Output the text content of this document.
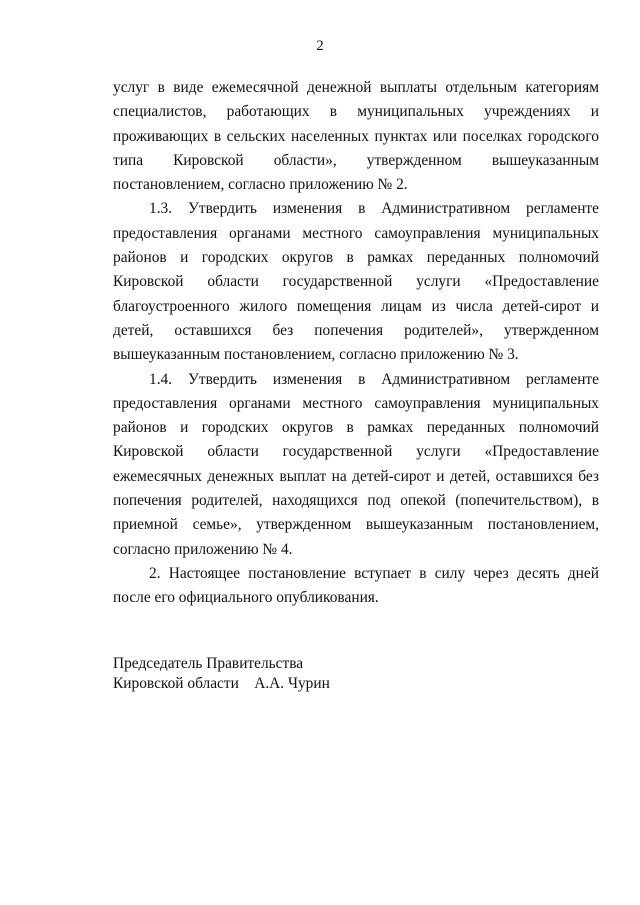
2

услуг в виде ежемесячной денежной выплаты отдельным категориям специалистов, работающих в муниципальных учреждениях и проживающих в сельских населенных пунктах или поселках городского типа Кировской области», утвержденном вышеуказанным постановлением, согласно приложению № 2.

1.3. Утвердить изменения в Административном регламенте предоставления органами местного самоуправления муниципальных районов и городских округов в рамках переданных полномочий Кировской области государственной услуги «Предоставление благоустроенного жилого помещения лицам из числа детей-сирот и детей, оставшихся без попечения родителей», утвержденном вышеуказанным постановлением, согласно приложению № 3.

1.4. Утвердить изменения в Административном регламенте предоставления органами местного самоуправления муниципальных районов и городских округов в рамках переданных полномочий Кировской области государственной услуги «Предоставление ежемесячных денежных выплат на детей-сирот и детей, оставшихся без попечения родителей, находящихся под опекой (попечительством), в приемной семье», утвержденном вышеуказанным постановлением, согласно приложению № 4.

2. Настоящее постановление вступает в силу через десять дней после его официального опубликования.

Председатель Правительства
Кировской области    А.А. Чурин
